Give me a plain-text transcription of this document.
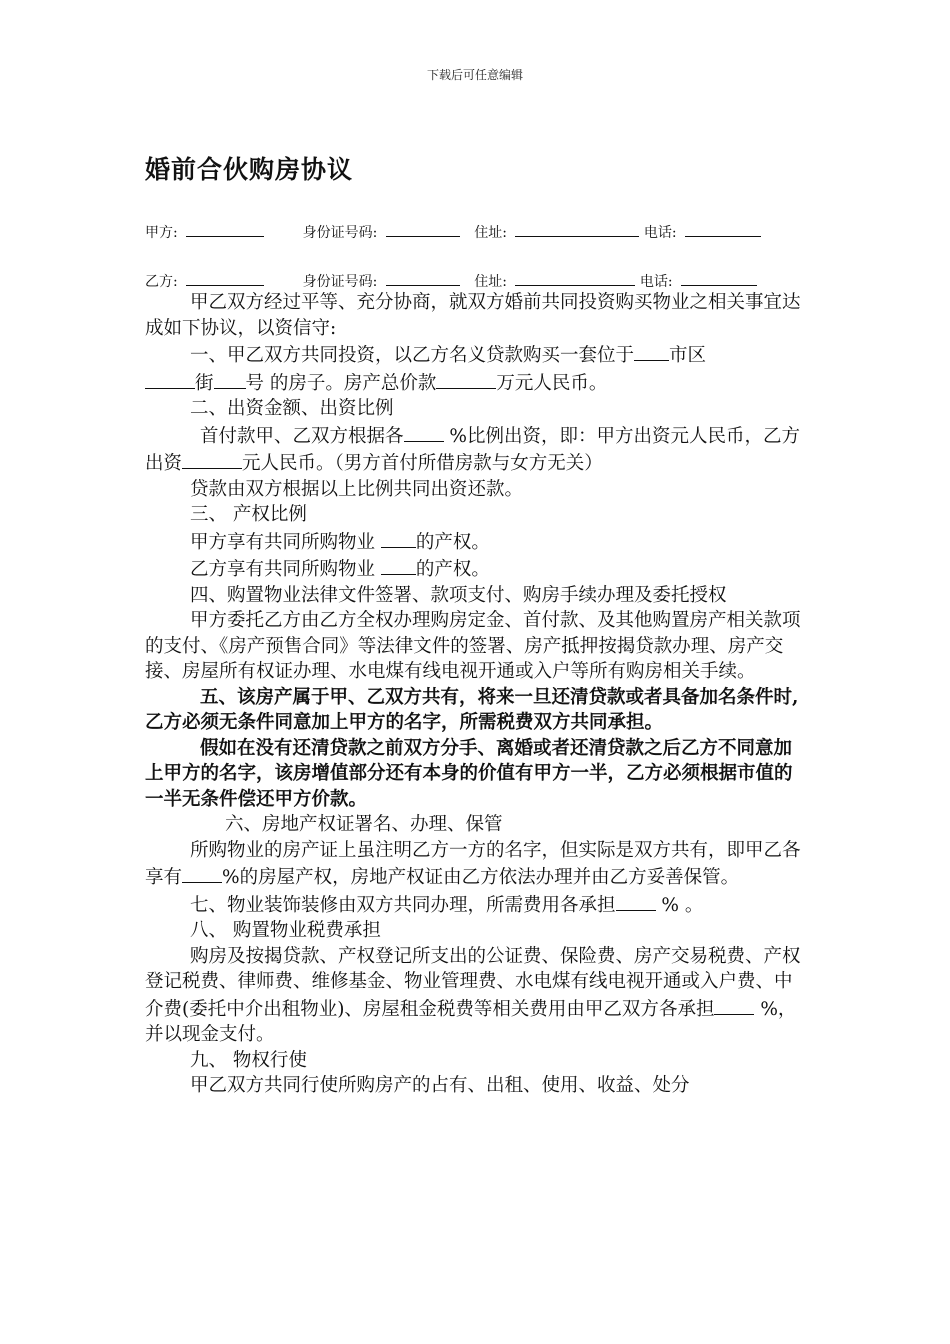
下载后可任意编辑
婚前合伙购房协议
甲方:	身份证号码:	住址:	电话:
乙方:	身份证号码:	住址:	电话:

甲乙双方经过平等、充分协商，就双方婚前共同投资购买物业之相关事宜达成如下协议，以资信守:

一、甲乙双方共同投资，以乙方名义贷款购买一套位于 市区

街 号 的房子。房产总价款	万元人民币。

二、出资金额、出资比例

首付款甲、乙双方根据各 %比例出资，即：甲方出资元人民币，乙方出资	元人民币。（男方首付所借房款与女方无关）

贷款由双方根据以上比例共同出资还款。

三、 产权比例

甲方享有共同所购物业 的产权。

乙方享有共同所购物业 的产权。

四、购置物业法律文件签署、款项支付、购房手续办理及委托授权

甲方委托乙方由乙方全权办理购房定金、首付款、及其他购置房产相关款项的支付、《房产预售合同》等法律文件的签署、房产抵押按揭贷款办理、房产交接、房屋所有权证办理、水电煤有线电视开通或入户等所有购房相关手续。

五、该房产属于甲、乙双方共有，将来一旦还清贷款或者具备加名条件时, 乙方必须无条件同意加上甲方的名字，所需税费双方共同承担。

假如在没有还清贷款之前双方分手、离婚或者还清贷款之后乙方不同意加上甲方的名字，该房增值部分还有本身的价值有甲方一半，乙方必须根据市值的一半无条件偿还甲方价款。

六、房地产权证署名、办理、保管

所购物业的房产证上虽注明乙方一方的名字，但实际是双方共有，即甲乙各享有 %的房屋产权，房地产权证由乙方依法办理并由乙方妥善保管。

七、物业装饰装修由双方共同办理，所需费用各承担 % 。

八、 购置物业税费承担

购房及按揭贷款、产权登记所支出的公证费、保险费、房产交易税费、产权登记税费、律师费、维修基金、物业管理费、水电煤有线电视开通或入户费、中介费(委托中介出租物业)、房屋租金税费等相关费用由甲乙双方各承担 %，并以现金支付。

九、 物权行使

甲乙双方共同行使所购房产的占有、出租、使用、收益、处分
